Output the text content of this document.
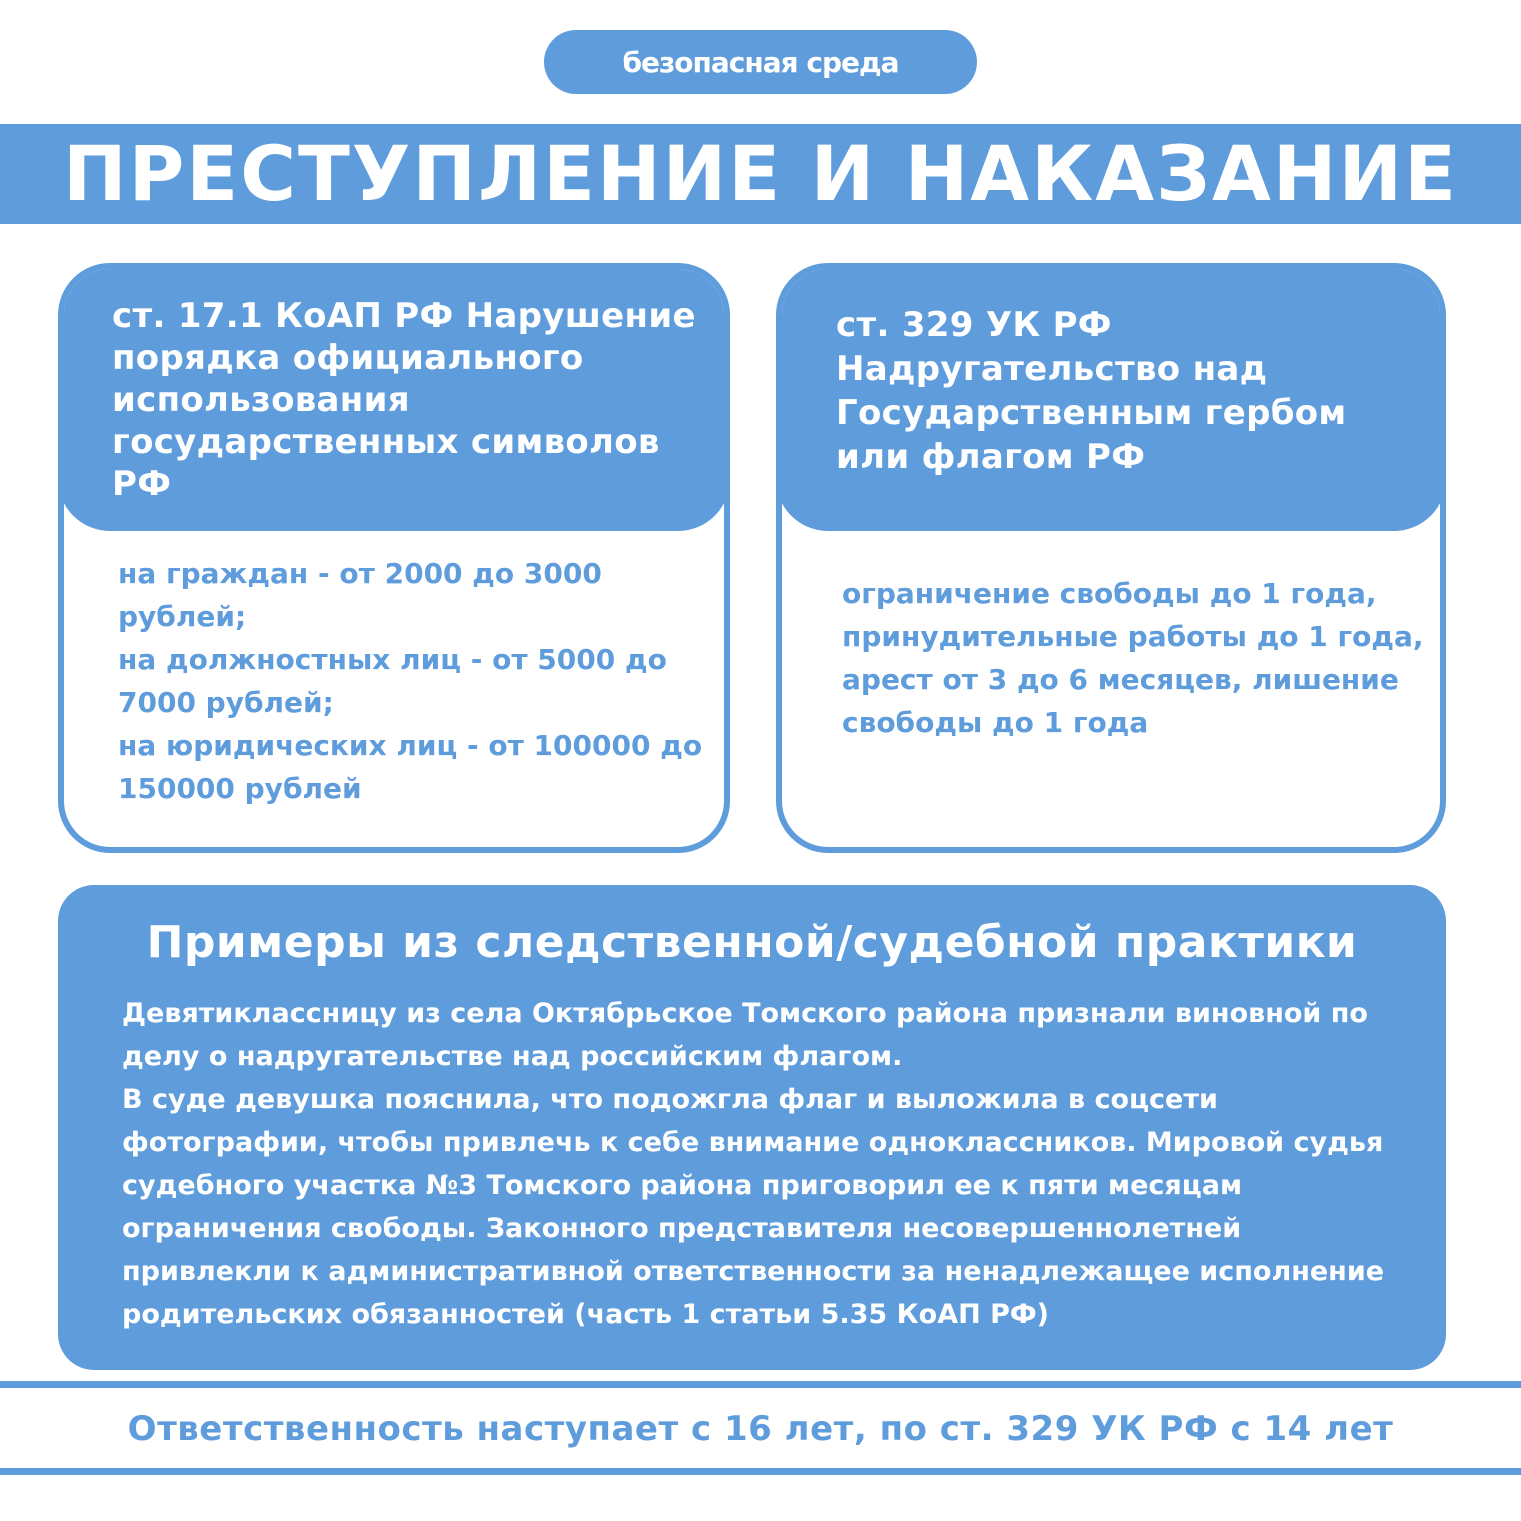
безопасная среда
ПРЕСТУПЛЕНИЕ И НАКАЗАНИЕ
ст. 17.1 КоАП РФ Нарушение порядка официального использования государственных символов РФ
на граждан - от 2000 до 3000 рублей;
на должностных лиц - от 5000 до 7000 рублей;
на юридических лиц - от 100000 до 150000 рублей
ст. 329 УК РФ Надругательство над Государственным гербом или флагом РФ
ограничение свободы до 1 года, принудительные работы до 1 года, арест от 3 до 6 месяцев, лишение свободы до 1 года
Примеры из следственной/судебной практики
Девятиклассницу из села Октябрьское Томского района признали виновной по делу о надругательстве над российским флагом.
В суде девушка пояснила, что подожгла флаг и выложила в соцсети фотографии, чтобы привлечь к себе внимание одноклассников. Мировой судья судебного участка №3 Томского района приговорил ее к пяти месяцам ограничения свободы. Законного представителя несовершеннолетней привлекли к административной ответственности за ненадлежащее исполнение родительских обязанностей (часть 1 статьи 5.35 КоАП РФ)
Ответственность наступает с 16 лет, по ст. 329 УК РФ с 14 лет
